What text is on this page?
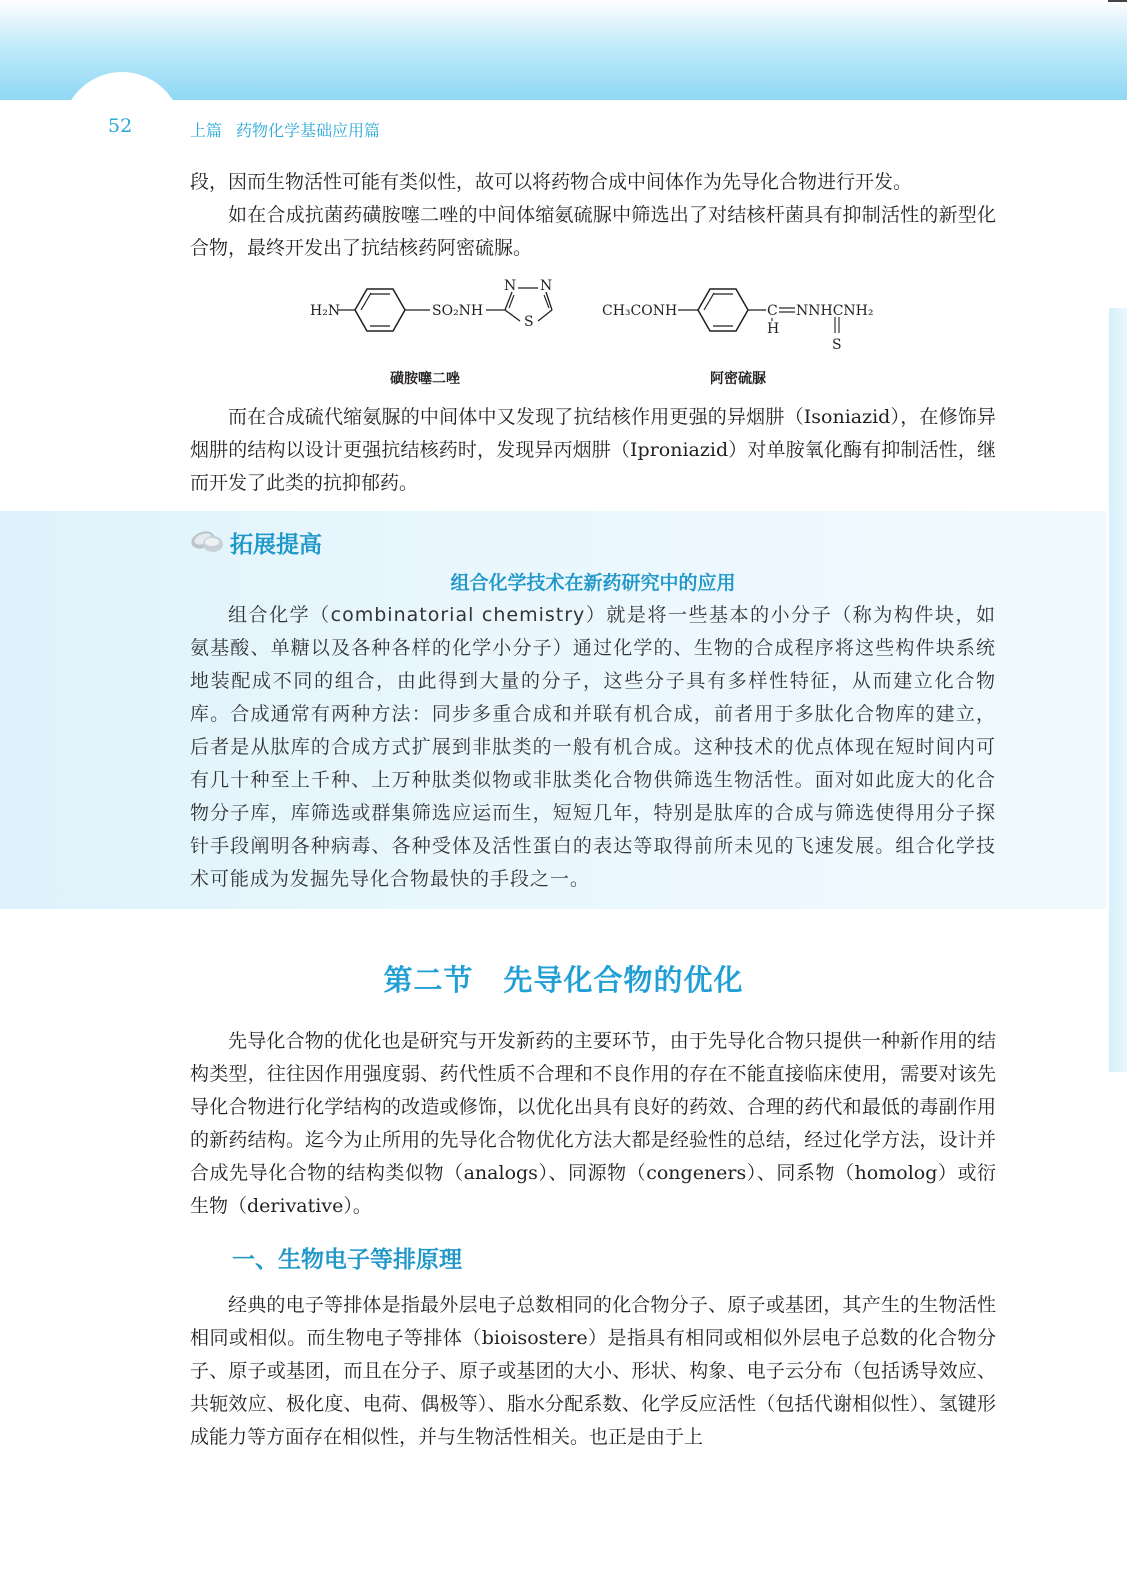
52	上篇 药物化学基础应用篇

段，因而生物活性可能有类似性，故可以将药物合成中间体作为先导化合物进行开发。

如在合成抗菌药磺胺噻二唑的中间体缩氨硫脲中筛选出了对结核杆菌具有抑制活性的新型化合物，最终开发出了抗结核药阿密硫脲。

H₂N	SO₂NH
N N
S
CH₃CONH	C NNHCNH₂
H
S
磺胺噻二唑	阿密硫脲

而在合成硫代缩氨脲的中间体中又发现了抗结核作用更强的异烟肼（Isoniazid），在修饰异烟肼的结构以设计更强抗结核药时，发现异丙烟肼（Iproniazid）对单胺氧化酶有抑制活性，继而开发了此类的抗抑郁药。

拓展提高
组合化学技术在新药研究中的应用

组合化学（combinatorial chemistry）就是将一些基本的小分子（称为构件块，如氨基酸、单糖以及各种各样的化学小分子）通过化学的、生物的合成程序将这些构件块系统地装配成不同的组合，由此得到大量的分子，这些分子具有多样性特征，从而建立化合物库。合成通常有两种方法：同步多重合成和并联有机合成，前者用于多肽化合物库的建立，后者是从肽库的合成方式扩展到非肽类的一般有机合成。这种技术的优点体现在短时间内可有几十种至上千种、上万种肽类似物或非肽类化合物供筛选生物活性。面对如此庞大的化合物分子库，库筛选或群集筛选应运而生，短短几年，特别是肽库的合成与筛选使得用分子探针手段阐明各种病毒、各种受体及活性蛋白的表达等取得前所未见的飞速发展。组合化学技术可能成为发掘先导化合物最快的手段之一。

第二节 先导化合物的优化

先导化合物的优化也是研究与开发新药的主要环节，由于先导化合物只提供一种新作用的结构类型，往往因作用强度弱、药代性质不合理和不良作用的存在不能直接临床使用，需要对该先导化合物进行化学结构的改造或修饰，以优化出具有良好的药效、合理的药代和最低的毒副作用的新药结构。迄今为止所用的先导化合物优化方法大都是经验性的总结，经过化学方法，设计并合成先导化合物的结构类似物（analogs）、同源物（congeners）、同系物（homolog）或衍生物（derivative）。

一、生物电子等排原理

经典的电子等排体是指最外层电子总数相同的化合物分子、原子或基团，其产生的生物活性相同或相似。而生物电子等排体（bioisostere）是指具有相同或相似外层电子总数的化合物分子、原子或基团，而且在分子、原子或基团的大小、形状、构象、电子云分布（包括诱导效应、共轭效应、极化度、电荷、偶极等）、脂水分配系数、化学反应活性（包括代谢相似性）、氢键形成能力等方面存在相似性，并与生物活性相关。也正是由于上
